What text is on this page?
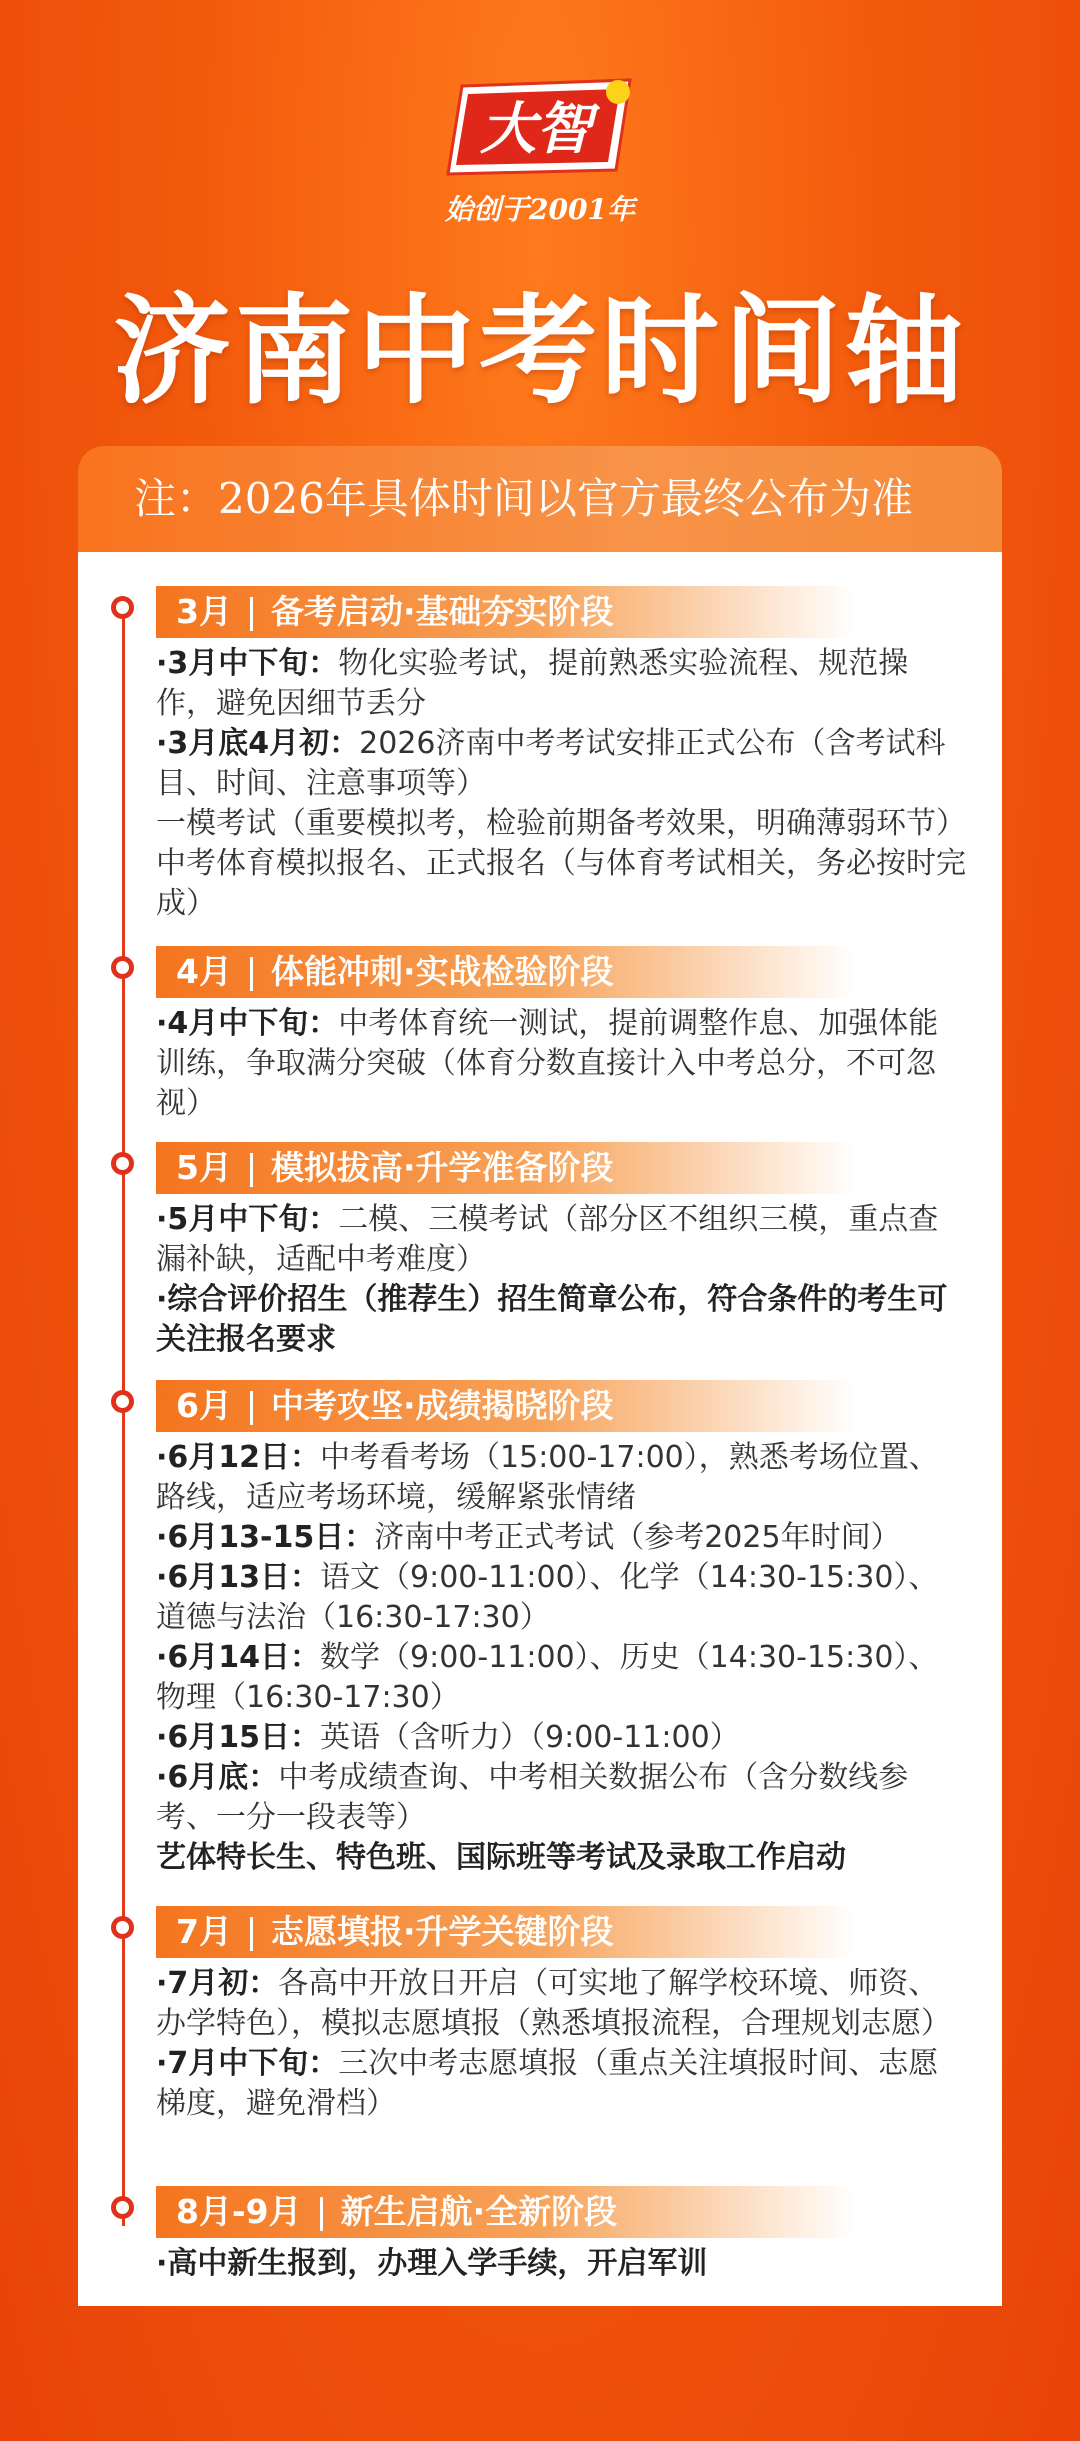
大智
始创于2001年
济南中考时间轴
注：2026年具体时间以官方最终公布为准
3月 备考启动·基础夯实阶段

·3月中下旬：物化实验考试，提前熟悉实验流程、规范操作，避免因细节丢分

·3月底4月初：2026济南中考考试安排正式公布（含考试科目、时间、注意事项等）

一模考试（重要模拟考，检验前期备考效果，明确薄弱环节）

中考体育模拟报名、正式报名（与体育考试相关，务必按时完成）

4月 体能冲刺·实战检验阶段

·4月中下旬：中考体育统一测试，提前调整作息、加强体能训练，争取满分突破（体育分数直接计入中考总分，不可忽视）

5月 模拟拔高·升学准备阶段

·5月中下旬：二模、三模考试（部分区不组织三模，重点查漏补缺，适配中考难度）

·综合评价招生（推荐生）招生简章公布，符合条件的考生可关注报名要求

6月 中考攻坚·成绩揭晓阶段

·6月12日：中考看考场（15:00-17:00），熟悉考场位置、路线，适应考场环境，缓解紧张情绪

·6月13-15日：济南中考正式考试（参考2025年时间）

·6月13日：语文（9:00-11:00）、化学（14:30-15:30）、道德与法治（16:30-17:30）

·6月14日：数学（9:00-11:00）、历史（14:30-15:30）、物理（16:30-17:30）

·6月15日：英语（含听力）（9:00-11:00）

·6月底：中考成绩查询、中考相关数据公布（含分数线参考、一分一段表等）

艺体特长生、特色班、国际班等考试及录取工作启动

7月 志愿填报·升学关键阶段

·7月初：各高中开放日开启（可实地了解学校环境、师资、办学特色），模拟志愿填报（熟悉填报流程，合理规划志愿）

·7月中下旬：三次中考志愿填报（重点关注填报时间、志愿梯度，避免滑档）

8月-9月 新生启航·全新阶段

·高中新生报到，办理入学手续，开启军训
